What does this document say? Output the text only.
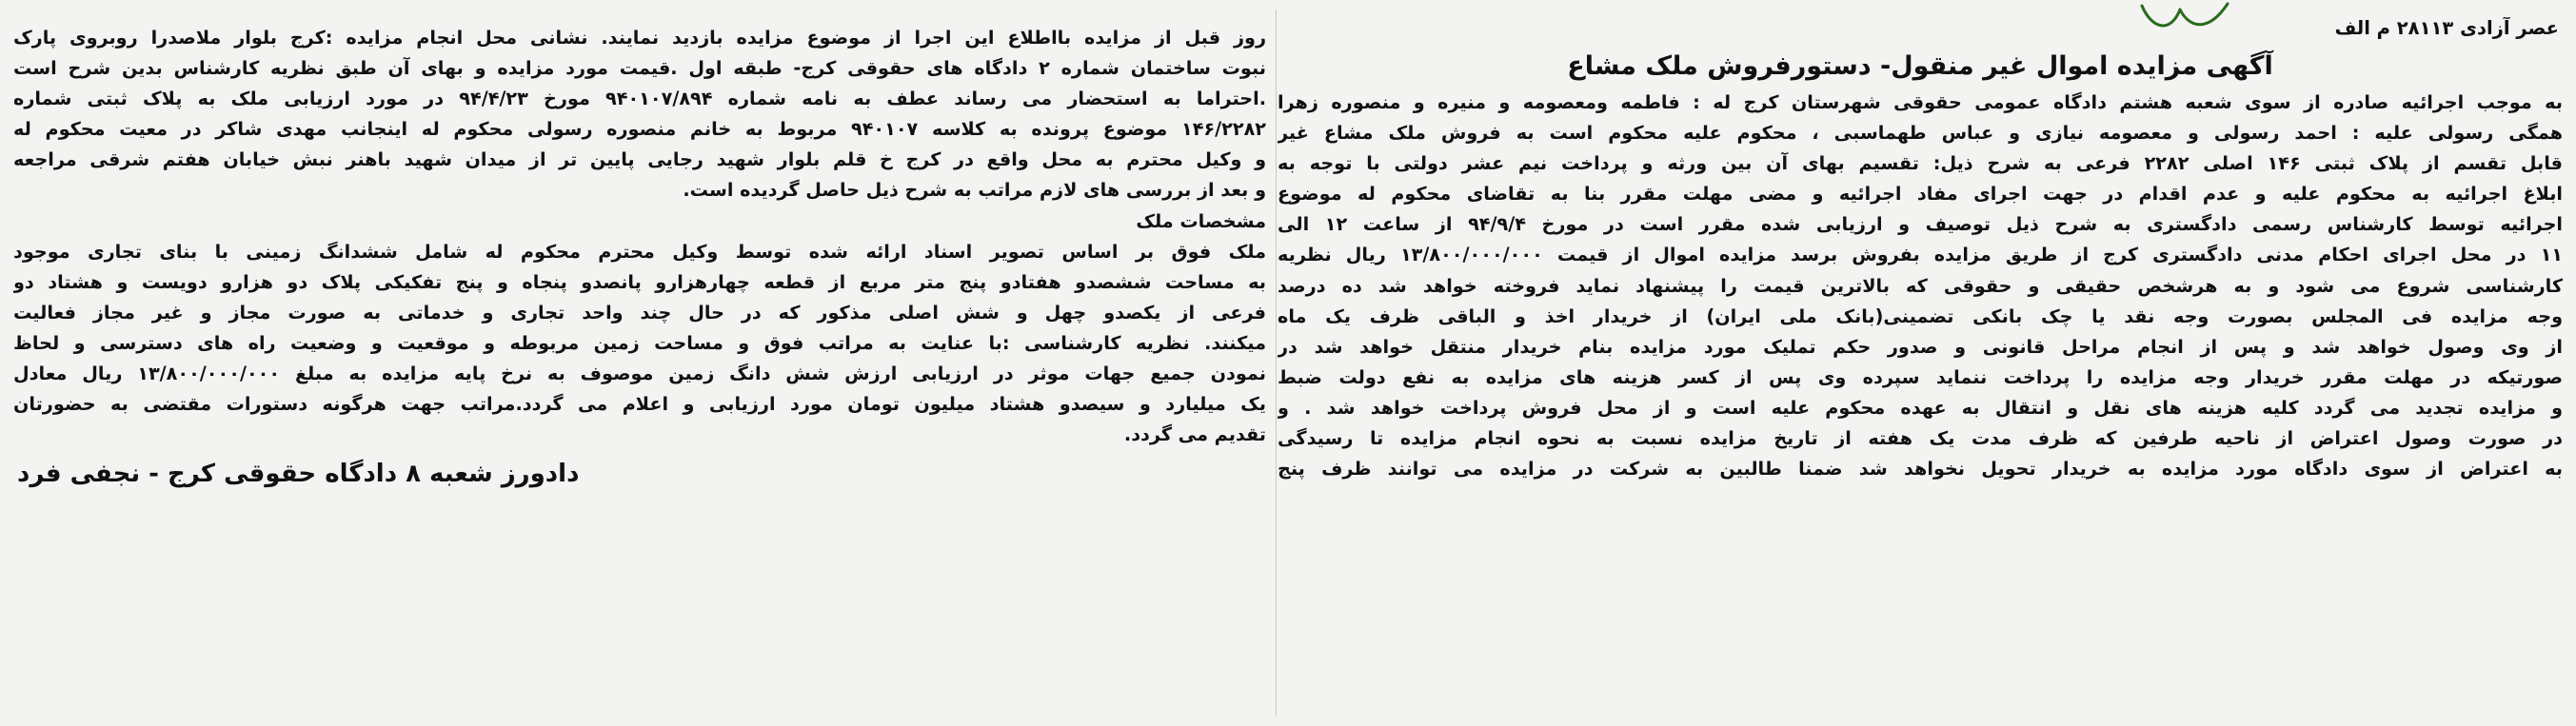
عصر آزادی ۲۸۱۱۳ م الف
آگهی مزایده اموال غیر منقول- دستورفروش ملک مشاع
به موجب اجرائیه صادره از سوی شعبه هشتم دادگاه عمومی حقوقی شهرستان کرج له : فاطمه ومعصومه و منیره و منصوره زهرا
همگی رسولی علیه : احمد رسولی و معصومه نیازی و عباس طهماسبی ، محکوم علیه محکوم است به فروش ملک مشاع غیر
قابل تقسم از پلاک ثبتی ۱۴۶ اصلی ۲۲۸۲ فرعی به شرح ذیل: تقسیم بهای آن بین ورثه و پرداخت نیم عشر دولتی با توجه به
ابلاغ اجرائیه به محکوم علیه و عدم اقدام در جهت اجرای مفاد اجرائیه و مضی مهلت مقرر بنا به تقاضای محکوم له موضوع
اجرائیه توسط کارشناس رسمی دادگستری به شرح ذیل توصیف و ارزیابی شده مقرر است در مورخ ۹۴/۹/۴ از ساعت ۱۲ الی
۱۱ در محل اجرای احکام مدنی دادگستری کرج از طریق مزایده بفروش برسد مزایده اموال از قیمت ۱۳/۸۰۰/۰۰۰/۰۰۰ ریال نظریه
کارشناسی شروع می شود و به هرشخص حقیقی و حقوقی که بالاترین قیمت را پیشنهاد نماید فروخته خواهد شد ده درصد
وجه مزایده فی المجلس بصورت وجه نقد یا چک بانکی تضمینی(بانک ملی ایران) از خریدار اخذ و الباقی ظرف یک ماه
از وی وصول خواهد شد و پس از انجام مراحل قانونی و صدور حکم تملیک مورد مزایده بنام خریدار منتقل خواهد شد در
صورتیکه در مهلت مقرر خریدار وجه مزایده را پرداخت ننماید سپرده وی پس از کسر هزینه های مزایده به نفع دولت ضبط
و مزایده تجدید می گردد کلیه هزینه های نقل و انتقال به عهده محکوم علیه است و از محل فروش پرداخت خواهد شد . و
در صورت وصول اعتراض از ناحیه طرفین که ظرف مدت یک هفته از تاریخ مزایده نسبت به نحوه انجام مزایده تا رسیدگی
به اعتراض از سوی دادگاه مورد مزایده به خریدار تحویل نخواهد شد ضمنا طالبین به شرکت در مزایده می توانند ظرف پنج
روز قبل از مزایده بااطلاع این اجرا از موضوع مزایده بازدید نمایند. نشانی محل انجام مزایده :کرج بلوار ملاصدرا روبروی پارک
نبوت ساختمان شماره ۲ دادگاه های حقوقی کرج- طبقه اول .قیمت مورد مزایده و بهای آن طبق نظریه کارشناس بدین شرح است
.احتراما به استحضار می رساند عطف به نامه شماره ۹۴۰۱۰۷/۸۹۴ مورخ ۹۴/۴/۲۳ در مورد ارزیابی ملک به پلاک ثبتی شماره
۱۴۶/۲۲۸۲ موضوع پرونده به کلاسه ۹۴۰۱۰۷ مربوط به خانم منصوره رسولی محکوم له اینجانب مهدی شاکر در معیت محکوم له
و وکیل محترم به محل واقع در کرج خ قلم بلوار شهید رجایی پایین تر از میدان شهید باهنر نبش خیابان هفتم شرقی مراجعه
و بعد از بررسی های لازم مراتب به شرح ذیل حاصل گردیده است.
مشخصات ملک
ملک فوق بر اساس تصویر اسناد ارائه شده توسط وکیل محترم محکوم له شامل ششدانگ زمینی با بنای تجاری موجود
به مساحت ششصدو هفتادو پنج متر مربع از قطعه چهارهزارو پانصدو پنجاه و پنج تفکیکی پلاک دو هزارو دویست و هشتاد دو
فرعی از یکصدو چهل و شش اصلی مذکور که در حال چند واحد تجاری و خدماتی به صورت مجاز و غیر مجاز فعالیت
میکنند. نظریه کارشناسی :با عنایت به مراتب فوق و مساحت زمین مربوطه و موقعیت و وضعیت راه های دسترسی و لحاظ
نمودن جمیع جهات موثر در ارزیابی ارزش شش دانگ زمین موصوف به نرخ پایه مزایده به مبلغ ۱۳/۸۰۰/۰۰۰/۰۰۰ ریال معادل
یک میلیارد و سیصدو هشتاد میلیون تومان مورد ارزیابی و اعلام می گردد.مراتب جهت هرگونه دستورات مقتضی به حضورتان
تقدیم می گردد.
دادورز شعبه ۸ دادگاه حقوقی کرج - نجفی فرد
